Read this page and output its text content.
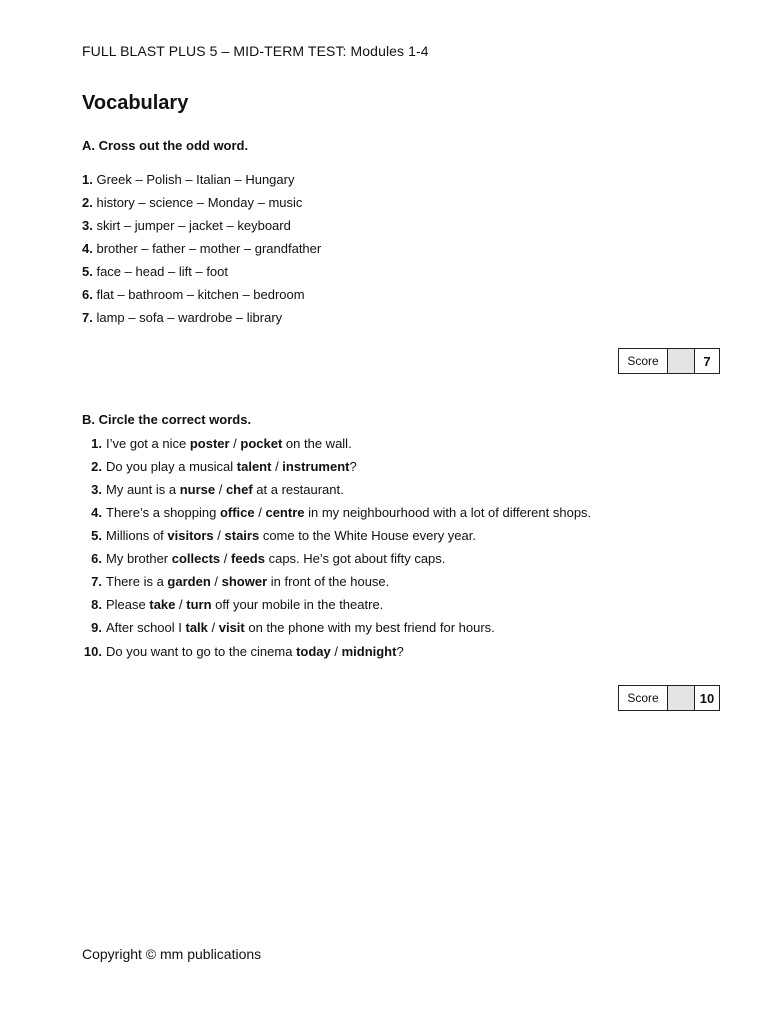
FULL BLAST PLUS 5 – MID-TERM TEST: Modules 1-4
Vocabulary
A. Cross out the odd word.
1. Greek – Polish – Italian – Hungary
2. history – science – Monday – music
3. skirt – jumper – jacket – keyboard
4. brother – father – mother – grandfather
5. face – head – lift – foot
6. flat – bathroom – kitchen – bedroom
7. lamp – sofa – wardrobe – library
Score	7
B. Circle the correct words.
1. I’ve got a nice poster / pocket on the wall.
2. Do you play a musical talent / instrument?
3. My aunt is a nurse / chef at a restaurant.
4. There’s a shopping office / centre in my neighbourhood with a lot of different shops.
5. Millions of visitors / stairs come to the White House every year.
6. My brother collects / feeds caps. He’s got about fifty caps.
7. There is a garden / shower in front of the house.
8. Please take / turn off your mobile in the theatre.
9. After school I talk / visit on the phone with my best friend for hours.
10. Do you want to go to the cinema today / midnight?
Score	10
Copyright © mm publications
